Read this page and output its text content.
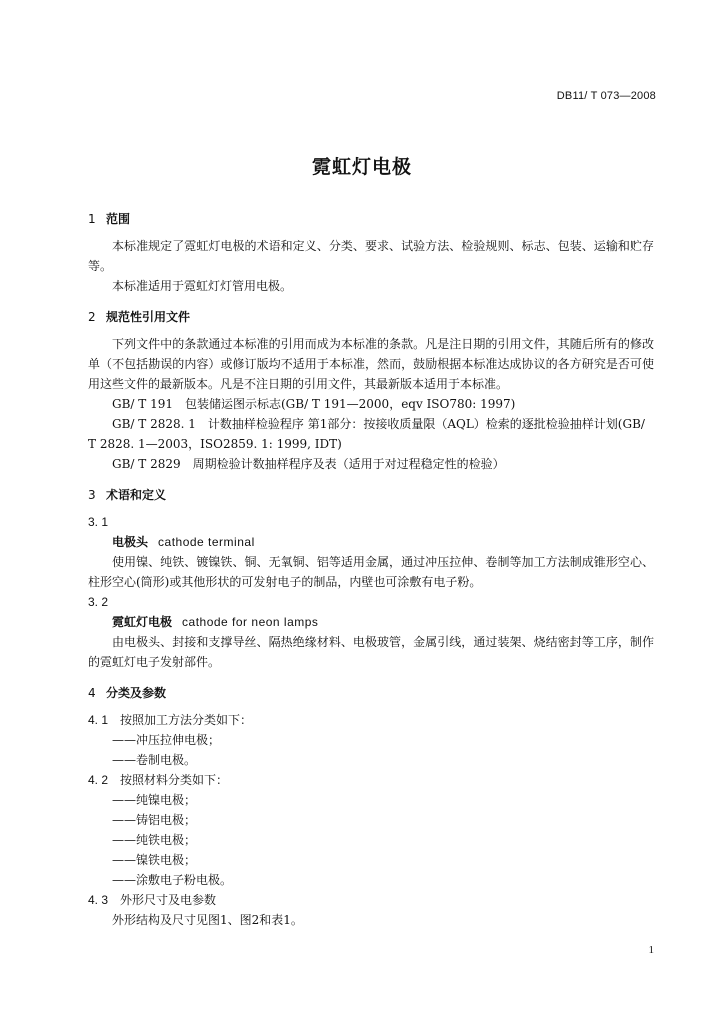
DB11/ T 073—2008
霓虹灯电极
1 范围
本标准规定了霓虹灯电极的术语和定义、分类、要求、试验方法、检验规则、标志、包装、运输和贮存等。
本标准适用于霓虹灯灯管用电极。
2 规范性引用文件
下列文件中的条款通过本标准的引用而成为本标准的条款。凡是注日期的引用文件，其随后所有的修改单（不包括勘误的内容）或修订版均不适用于本标准，然而，鼓励根据本标准达成协议的各方研究是否可使用这些文件的最新版本。凡是不注日期的引用文件，其最新版本适用于本标准。
GB/ T 191　包装储运图示标志(GB/ T 191—2000，eqv ISO780: 1997)
GB/ T 2828. 1　计数抽样检验程序 第1部分：按接收质量限（AQL）检索的逐批检验抽样计划(GB/ T 2828. 1—2003，ISO2859. 1: 1999, IDT)
GB/ T 2829　周期检验计数抽样程序及表（适用于对过程稳定性的检验）
3 术语和定义
3. 1
电极头 cathode terminal
使用镍、纯铁、镀镍铁、铜、无氧铜、铝等适用金属，通过冲压拉伸、卷制等加工方法制成锥形空心、柱形空心(筒形)或其他形状的可发射电子的制品，内壁也可涂敷有电子粉。
3. 2
霓虹灯电极 cathode for neon lamps
由电极头、封接和支撑导丝、隔热绝缘材料、电极玻管，金属引线，通过装架、烧结密封等工序，制作的霓虹灯电子发射部件。
4 分类及参数
4. 1　按照加工方法分类如下：
——冲压拉伸电极；
——卷制电极。
4. 2　按照材料分类如下：
——纯镍电极；
——铸铝电极；
——纯铁电极；
——镍铁电极；
——涂敷电子粉电极。
4. 3　外形尺寸及电参数
外形结构及尺寸见图1、图2和表1。
1
